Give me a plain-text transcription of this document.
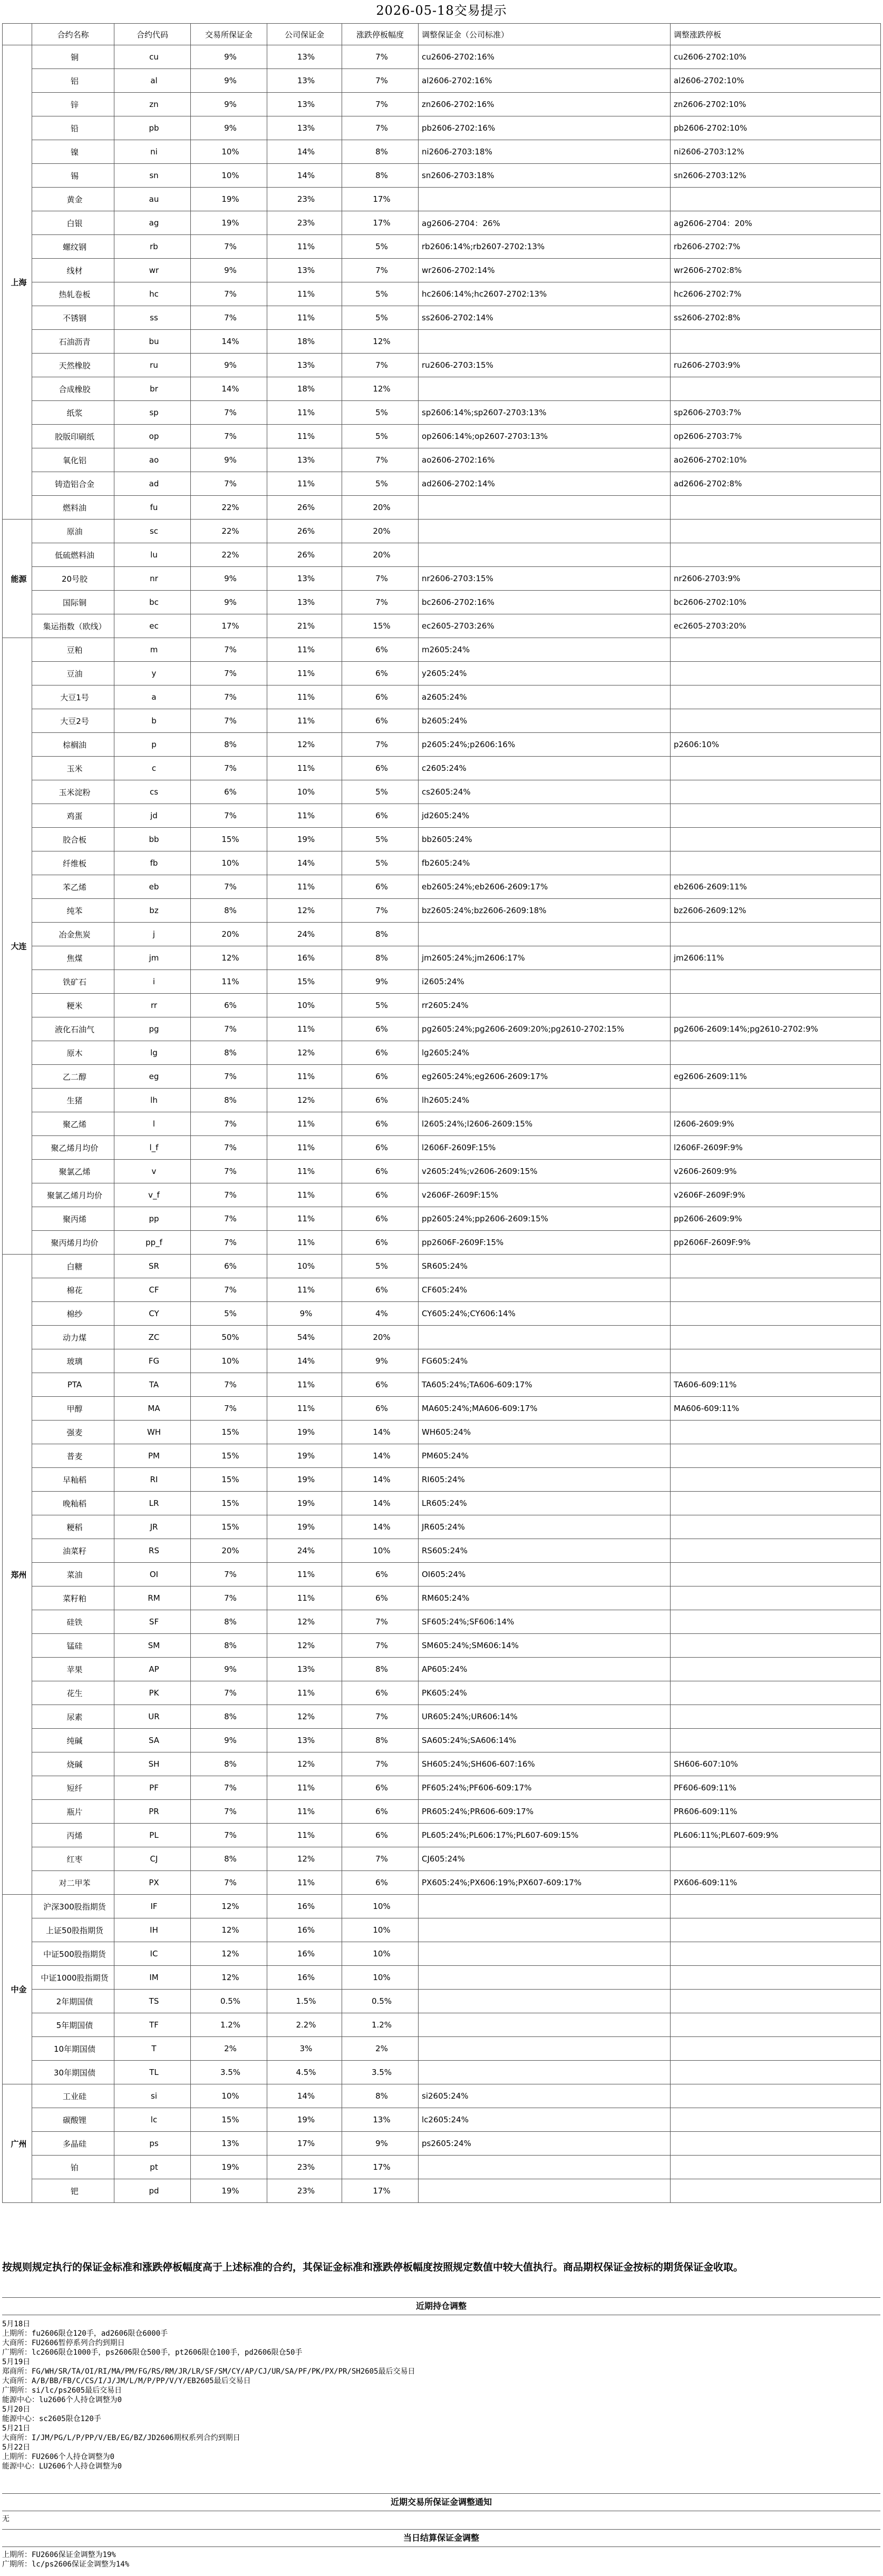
2026-05-18交易提示
	合约名称	合约代码	交易所保证金	公司保证金	涨跌停板幅度	调整保证金（公司标准）	调整涨跌停板
上海	铜	cu	9%	13%	7%	cu2606-2702:16%	cu2606-2702:10%
	铝	al	9%	13%	7%	al2606-2702:16%	al2606-2702:10%
	锌	zn	9%	13%	7%	zn2606-2702:16%	zn2606-2702:10%
	铅	pb	9%	13%	7%	pb2606-2702:16%	pb2606-2702:10%
	镍	ni	10%	14%	8%	ni2606-2703:18%	ni2606-2703:12%
	锡	sn	10%	14%	8%	sn2606-2703:18%	sn2606-2703:12%
	黄金	au	19%	23%	17%		
	白银	ag	19%	23%	17%	ag2606-2704：26%	ag2606-2704：20%
	螺纹钢	rb	7%	11%	5%	rb2606:14%;rb2607-2702:13%	rb2606-2702:7%
	线材	wr	9%	13%	7%	wr2606-2702:14%	wr2606-2702:8%
	热轧卷板	hc	7%	11%	5%	hc2606:14%;hc2607-2702:13%	hc2606-2702:7%
	不锈钢	ss	7%	11%	5%	ss2606-2702:14%	ss2606-2702:8%
	石油沥青	bu	14%	18%	12%		
	天然橡胶	ru	9%	13%	7%	ru2606-2703:15%	ru2606-2703:9%
	合成橡胶	br	14%	18%	12%		
	纸浆	sp	7%	11%	5%	sp2606:14%;sp2607-2703:13%	sp2606-2703:7%
	胶版印刷纸	op	7%	11%	5%	op2606:14%;op2607-2703:13%	op2606-2703:7%
	氧化铝	ao	9%	13%	7%	ao2606-2702:16%	ao2606-2702:10%
	铸造铝合金	ad	7%	11%	5%	ad2606-2702:14%	ad2606-2702:8%
	燃料油	fu	22%	26%	20%		
能源	原油	sc	22%	26%	20%		
	低硫燃料油	lu	22%	26%	20%		
	20号胶	nr	9%	13%	7%	nr2606-2703:15%	nr2606-2703:9%
	国际铜	bc	9%	13%	7%	bc2606-2702:16%	bc2606-2702:10%
	集运指数（欧线）	ec	17%	21%	15%	ec2605-2703:26%	ec2605-2703:20%
大连	豆粕	m	7%	11%	6%	m2605:24%	
	豆油	y	7%	11%	6%	y2605:24%	
	大豆1号	a	7%	11%	6%	a2605:24%	
	大豆2号	b	7%	11%	6%	b2605:24%	
	棕榈油	p	8%	12%	7%	p2605:24%;p2606:16%	p2606:10%
	玉米	c	7%	11%	6%	c2605:24%	
	玉米淀粉	cs	6%	10%	5%	cs2605:24%	
	鸡蛋	jd	7%	11%	6%	jd2605:24%	
	胶合板	bb	15%	19%	5%	bb2605:24%	
	纤维板	fb	10%	14%	5%	fb2605:24%	
	苯乙烯	eb	7%	11%	6%	eb2605:24%;eb2606-2609:17%	eb2606-2609:11%
	纯苯	bz	8%	12%	7%	bz2605:24%;bz2606-2609:18%	bz2606-2609:12%
	冶金焦炭	j	20%	24%	8%		
	焦煤	jm	12%	16%	8%	jm2605:24%;jm2606:17%	jm2606:11%
	铁矿石	i	11%	15%	9%	i2605:24%	
	粳米	rr	6%	10%	5%	rr2605:24%	
	液化石油气	pg	7%	11%	6%	pg2605:24%;pg2606-2609:20%;pg2610-2702:15%	pg2606-2609:14%;pg2610-2702:9%
	原木	lg	8%	12%	6%	lg2605:24%	
	乙二醇	eg	7%	11%	6%	eg2605:24%;eg2606-2609:17%	eg2606-2609:11%
	生猪	lh	8%	12%	6%	lh2605:24%	
	聚乙烯	l	7%	11%	6%	l2605:24%;l2606-2609:15%	l2606-2609:9%
	聚乙烯月均价	l_f	7%	11%	6%	l2606F-2609F:15%	l2606F-2609F:9%
	聚氯乙烯	v	7%	11%	6%	v2605:24%;v2606-2609:15%	v2606-2609:9%
	聚氯乙烯月均价	v_f	7%	11%	6%	v2606F-2609F:15%	v2606F-2609F:9%
	聚丙烯	pp	7%	11%	6%	pp2605:24%;pp2606-2609:15%	pp2606-2609:9%
	聚丙烯月均价	pp_f	7%	11%	6%	pp2606F-2609F:15%	pp2606F-2609F:9%
郑州	白糖	SR	6%	10%	5%	SR605:24%	
	棉花	CF	7%	11%	6%	CF605:24%	
	棉纱	CY	5%	9%	4%	CY605:24%;CY606:14%	
	动力煤	ZC	50%	54%	20%		
	玻璃	FG	10%	14%	9%	FG605:24%	
	PTA	TA	7%	11%	6%	TA605:24%;TA606-609:17%	TA606-609:11%
	甲醇	MA	7%	11%	6%	MA605:24%;MA606-609:17%	MA606-609:11%
	强麦	WH	15%	19%	14%	WH605:24%	
	普麦	PM	15%	19%	14%	PM605:24%	
	早籼稻	RI	15%	19%	14%	RI605:24%	
	晚籼稻	LR	15%	19%	14%	LR605:24%	
	粳稻	JR	15%	19%	14%	JR605:24%	
	油菜籽	RS	20%	24%	10%	RS605:24%	
	菜油	OI	7%	11%	6%	OI605:24%	
	菜籽粕	RM	7%	11%	6%	RM605:24%	
	硅铁	SF	8%	12%	7%	SF605:24%;SF606:14%	
	锰硅	SM	8%	12%	7%	SM605:24%;SM606:14%	
	苹果	AP	9%	13%	8%	AP605:24%	
	花生	PK	7%	11%	6%	PK605:24%	
	尿素	UR	8%	12%	7%	UR605:24%;UR606:14%	
	纯碱	SA	9%	13%	8%	SA605:24%;SA606:14%	
	烧碱	SH	8%	12%	7%	SH605:24%;SH606-607:16%	SH606-607:10%
	短纤	PF	7%	11%	6%	PF605:24%;PF606-609:17%	PF606-609:11%
	瓶片	PR	7%	11%	6%	PR605:24%;PR606-609:17%	PR606-609:11%
	丙烯	PL	7%	11%	6%	PL605:24%;PL606:17%;PL607-609:15%	PL606:11%;PL607-609:9%
	红枣	CJ	8%	12%	7%	CJ605:24%	
	对二甲苯	PX	7%	11%	6%	PX605:24%;PX606:19%;PX607-609:17%	PX606-609:11%
中金	沪深300股指期货	IF	12%	16%	10%		
	上证50股指期货	IH	12%	16%	10%		
	中证500股指期货	IC	12%	16%	10%		
	中证1000股指期货	IM	12%	16%	10%		
	2年期国债	TS	0.5%	1.5%	0.5%		
	5年期国债	TF	1.2%	2.2%	1.2%		
	10年期国债	T	2%	3%	2%		
	30年期国债	TL	3.5%	4.5%	3.5%		
广州	工业硅	si	10%	14%	8%	si2605:24%	
	碳酸锂	lc	15%	19%	13%	lc2605:24%	
	多晶硅	ps	13%	17%	9%	ps2605:24%	
	铂	pt	19%	23%	17%		
	钯	pd	19%	23%	17%		
按规则规定执行的保证金标准和涨跌停板幅度高于上述标准的合约，其保证金标准和涨跌停板幅度按照规定数值中较大值执行。商品期权保证金按标的期货保证金收取。
近期持仓调整
5月18日
上期所：fu2606限仓120手，ad2606限仓6000手
大商所：FU2606暂停系列合约到期日
广期所：lc2606限仓1000手，ps2606限仓500手，pt2606限仓100手，pd2606限仓50手
5月19日
郑商所：FG/WH/SR/TA/OI/RI/MA/PM/FG/RS/RM/JR/LR/SF/SM/CY/AP/CJ/UR/SA/PF/PK/PX/PR/SH2605最后交易日
大商所：A/B/BB/FB/C/CS/I/J/JM/L/M/P/PP/V/Y/EB2605最后交易日
广期所：si/lc/ps2605最后交易日
能源中心：lu2606个人持仓调整为0
5月20日
能源中心：sc2605限仓120手
5月21日
大商所：I/JM/PG/L/P/PP/V/EB/EG/BZ/JD2606期权系列合约到期日
5月22日
上期所：FU2606个人持仓调整为0
能源中心：LU2606个人持仓调整为0
近期交易所保证金调整通知
无
当日结算保证金调整
上期所：FU2606保证金调整为19%
广期所：lc/ps2606保证金调整为14%
